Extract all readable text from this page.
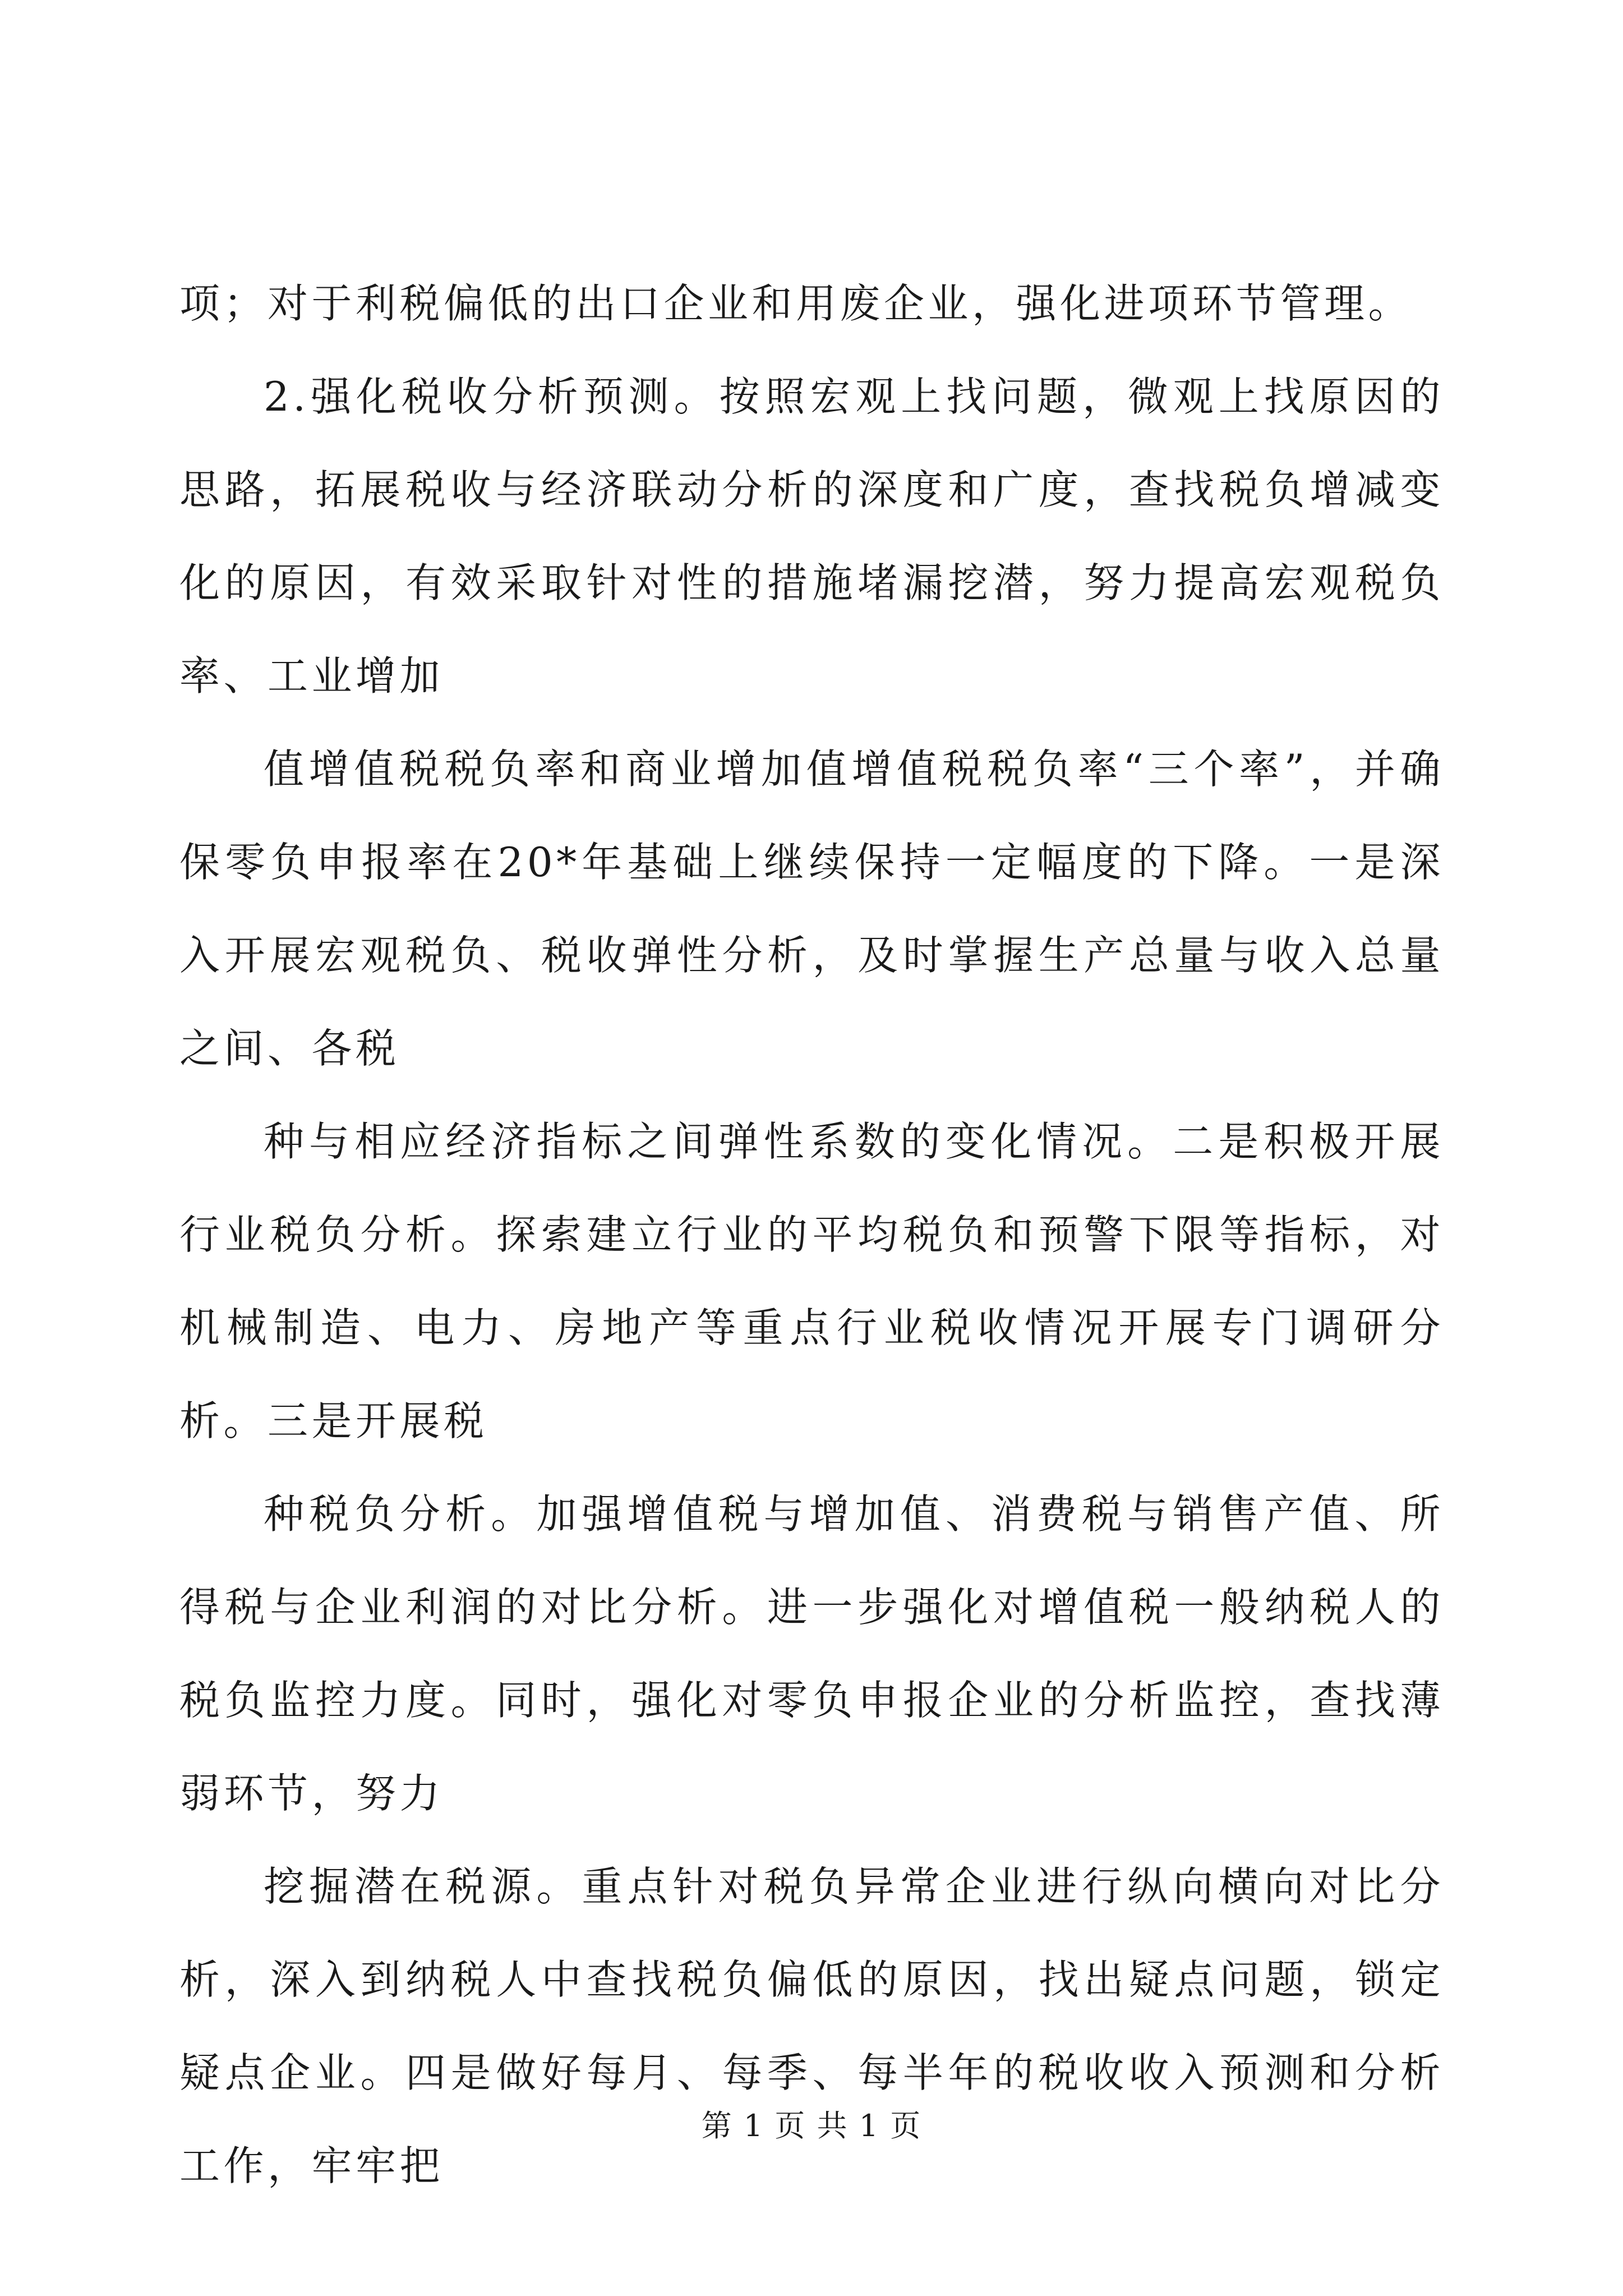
项；对于利税偏低的出口企业和用废企业，强化进项环节管理。

2.强化税收分析预测。按照宏观上找问题，微观上找原因的思路，拓展税收与经济联动分析的深度和广度，查找税负增减变化的原因，有效采取针对性的措施堵漏挖潜，努力提高宏观税负率、工业增加

值增值税税负率和商业增加值增值税税负率“三个率”，并确保零负申报率在20*年基础上继续保持一定幅度的下降。一是深入开展宏观税负、税收弹性分析，及时掌握生产总量与收入总量之间、各税

种与相应经济指标之间弹性系数的变化情况。二是积极开展行业税负分析。探索建立行业的平均税负和预警下限等指标，对机械制造、电力、房地产等重点行业税收情况开展专门调研分析。三是开展税

种税负分析。加强增值税与增加值、消费税与销售产值、所得税与企业利润的对比分析。进一步强化对增值税一般纳税人的税负监控力度。同时，强化对零负申报企业的分析监控，查找薄弱环节，努力

挖掘潜在税源。重点针对税负异常企业进行纵向横向对比分析，深入到纳税人中查找税负偏低的原因，找出疑点问题，锁定疑点企业。四是做好每月、每季、每半年的税收收入预测和分析工作，牢牢把

第 1 页 共 1 页
